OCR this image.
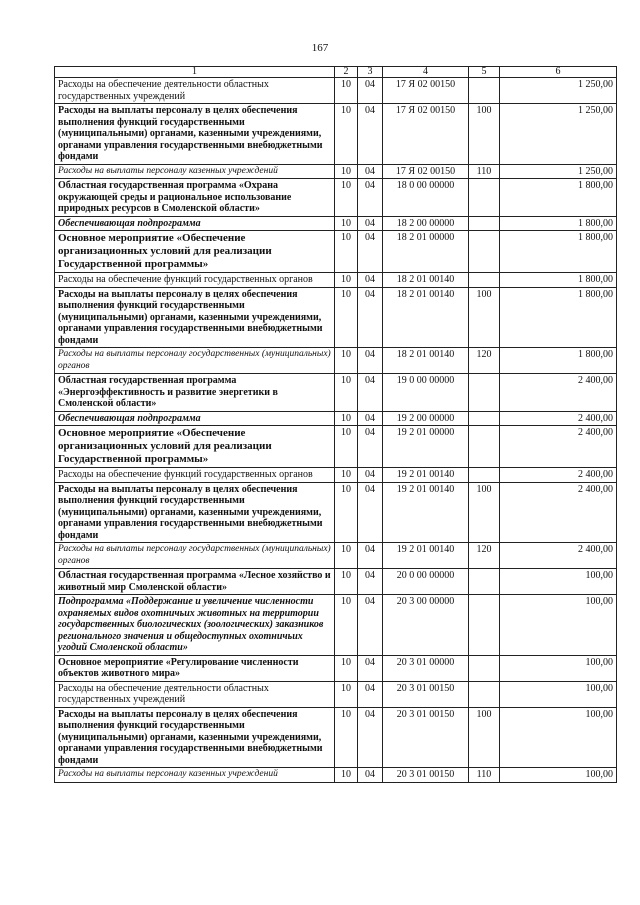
167
1	2	3	4	5	6
Расходы на обеспечение деятельности областных государственных учреждений	10	04	17 Я 02 00150		1 250,00
Расходы на выплаты персоналу в целях обеспечения выполнения функций государственными (муниципальными) органами, казенными учреждениями, органами управления государственными внебюджетными фондами	10	04	17 Я 02 00150	100	1 250,00
Расходы на выплаты персоналу казенных учреждений	10	04	17 Я 02 00150	110	1 250,00
Областная государственная программа «Охрана окружающей среды и рациональное использование природных ресурсов в Смоленской области»	10	04	18 0 00 00000		1 800,00
Обеспечивающая подпрограмма	10	04	18 2 00 00000		1 800,00
Основное мероприятие «Обеспечение организационных условий для реализации Государственной программы»	10	04	18 2 01 00000		1 800,00
Расходы на обеспечение функций государственных органов	10	04	18 2 01 00140		1 800,00
Расходы на выплаты персоналу в целях обеспечения выполнения функций государственными (муниципальными) органами, казенными учреждениями, органами управления государственными внебюджетными фондами	10	04	18 2 01 00140	100	1 800,00
Расходы на выплаты персоналу государственных (муниципальных) органов	10	04	18 2 01 00140	120	1 800,00
Областная государственная программа «Энергоэффективность и развитие энергетики в Смоленской области»	10	04	19 0 00 00000		2 400,00
Обеспечивающая подпрограмма	10	04	19 2 00 00000		2 400,00
Основное мероприятие «Обеспечение организационных условий для реализации Государственной программы»	10	04	19 2 01 00000		2 400,00
Расходы на обеспечение функций государственных органов	10	04	19 2 01 00140		2 400,00
Расходы на выплаты персоналу в целях обеспечения выполнения функций государственными (муниципальными) органами, казенными учреждениями, органами управления государственными внебюджетными фондами	10	04	19 2 01 00140	100	2 400,00
Расходы на выплаты персоналу государственных (муниципальных) органов	10	04	19 2 01 00140	120	2 400,00
Областная государственная программа «Лесное хозяйство и животный мир Смоленской области»	10	04	20 0 00 00000		100,00
Подпрограмма «Поддержание и увеличение численности охраняемых видов охотничьих животных на территории государственных биологических (зоологических) заказников регионального значения и общедоступных охотничьих угодий Смоленской области»	10	04	20 3 00 00000		100,00
Основное мероприятие «Регулирование численности объектов животного мира»	10	04	20 3 01 00000		100,00
Расходы на обеспечение деятельности областных государственных учреждений	10	04	20 3 01 00150		100,00
Расходы на выплаты персоналу в целях обеспечения выполнения функций государственными (муниципальными) органами, казенными учреждениями, органами управления государственными внебюджетными фондами	10	04	20 3 01 00150	100	100,00
Расходы на выплаты персоналу казенных учреждений	10	04	20 3 01 00150	110	100,00
